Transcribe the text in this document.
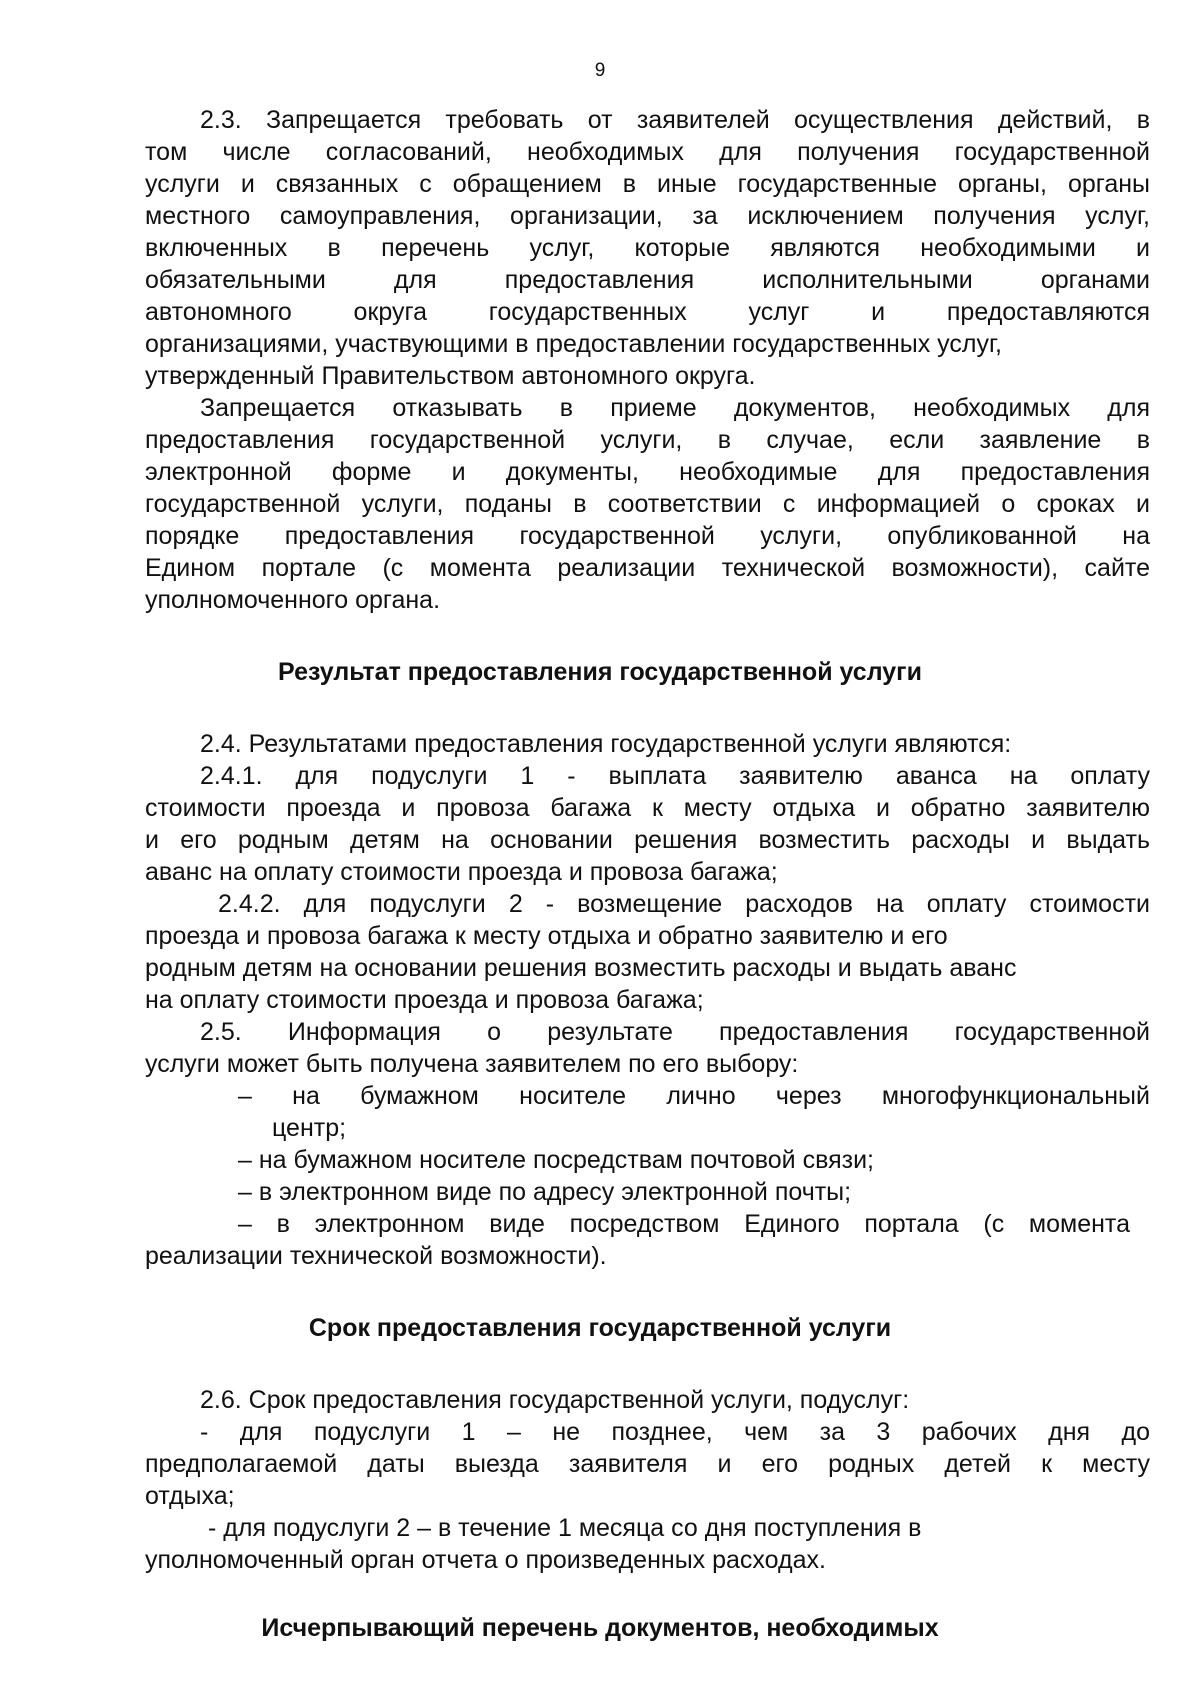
9
2.3. Запрещается требовать от заявителей осуществления действий, в
том числе согласований, необходимых для получения государственной
услуги и связанных с обращением в иные государственные органы, органы
местного самоуправления, организации, за исключением получения услуг,
включенных в перечень услуг, которые являются необходимыми и
обязательными для предоставления исполнительными органами
автономного округа государственных услуг и предоставляются
организациями, участвующими в предоставлении государственных услуг,
утвержденный Правительством автономного округа.
Запрещается отказывать в приеме документов, необходимых для
предоставления государственной услуги, в случае, если заявление в
электронной форме и документы, необходимые для предоставления
государственной услуги, поданы в соответствии с информацией о сроках и
порядке предоставления государственной услуги, опубликованной на
Едином портале (с момента реализации технической возможности), сайте
уполномоченного органа.
Результат предоставления государственной услуги
2.4. Результатами предоставления государственной услуги являются:
2.4.1. для подуслуги 1 - выплата заявителю аванса на оплату
стоимости проезда и провоза багажа к месту отдыха и обратно заявителю
и его родным детям на основании решения возместить расходы и выдать
аванс на оплату стоимости проезда и провоза багажа;
2.4.2. для подуслуги 2 - возмещение расходов на оплату стоимости
проезда и провоза багажа к месту отдыха и обратно заявителю и его
родным детям на основании решения возместить расходы и выдать аванс
на оплату стоимости проезда и провоза багажа;
2.5. Информация о результате предоставления государственной
услуги может быть получена заявителем по его выбору:
– на бумажном носителе лично через многофункциональный
центр;
– на бумажном носителе посредствам почтовой связи;
– в электронном виде по адресу электронной почты;
– в электронном виде посредством Единого портала (с момента
реализации технической возможности).
Срок предоставления государственной услуги
2.6. Срок предоставления государственной услуги, подуслуг:
- для подуслуги 1 – не позднее, чем за 3 рабочих дня до
предполагаемой даты выезда заявителя и его родных детей к месту
отдыха;
- для подуслуги 2 – в течение 1 месяца со дня поступления в
уполномоченный орган отчета о произведенных расходах.
Исчерпывающий перечень документов, необходимых
